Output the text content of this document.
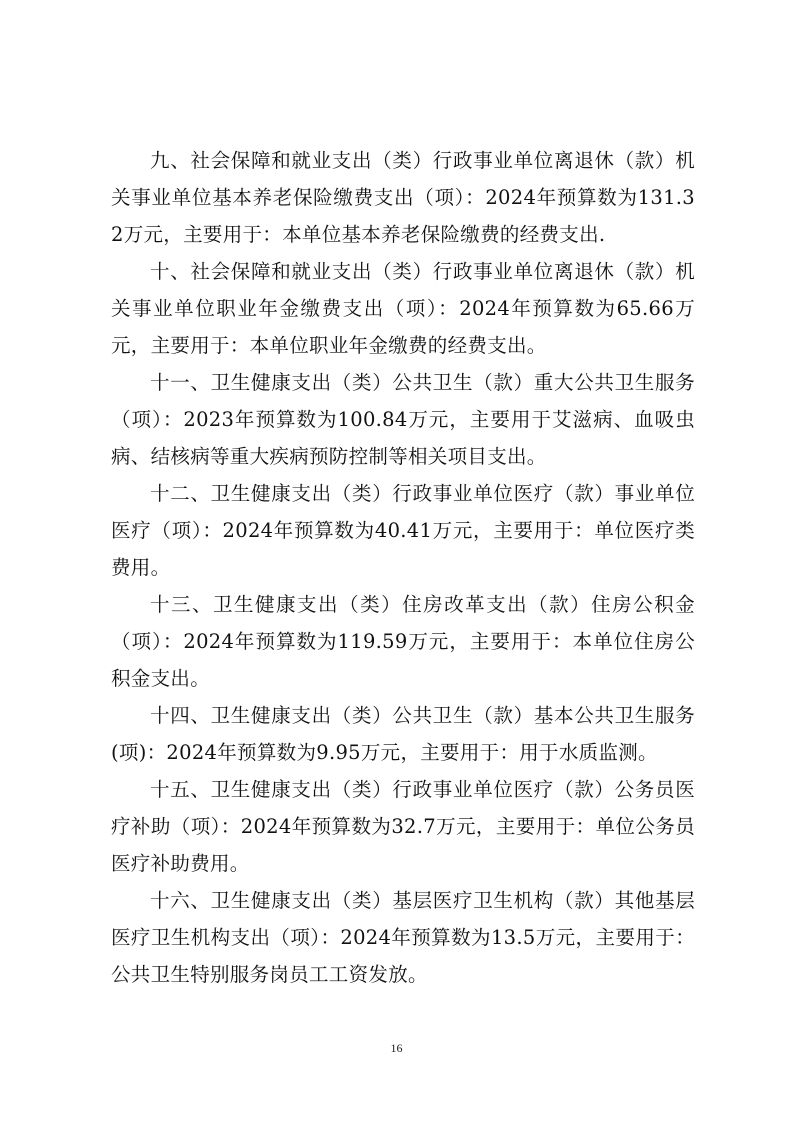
九、社会保障和就业支出（类）行政事业单位离退休（款）机关事业单位基本养老保险缴费支出（项）：2024年预算数为131.32万元，主要用于：本单位基本养老保险缴费的经费支出.

十、社会保障和就业支出（类）行政事业单位离退休（款）机关事业单位职业年金缴费支出（项）：2024年预算数为65.66万元，主要用于：本单位职业年金缴费的经费支出。

十一、卫生健康支出（类）公共卫生（款）重大公共卫生服务（项）：2023年预算数为100.84万元，主要用于艾滋病、血吸虫病、结核病等重大疾病预防控制等相关项目支出。

十二、卫生健康支出（类）行政事业单位医疗（款）事业单位医疗（项）：2024年预算数为40.41万元，主要用于：单位医疗类费用。

十三、卫生健康支出（类）住房改革支出（款）住房公积金（项）：2024年预算数为119.59万元，主要用于：本单位住房公积金支出。

十四、卫生健康支出（类）公共卫生（款）基本公共卫生服务(项)：2024年预算数为9.95万元，主要用于：用于水质监测。

十五、卫生健康支出（类）行政事业单位医疗（款）公务员医疗补助（项）：2024年预算数为32.7万元，主要用于：单位公务员医疗补助费用。

十六、卫生健康支出（类）基层医疗卫生机构（款）其他基层医疗卫生机构支出（项）：2024年预算数为13.5万元，主要用于：公共卫生特别服务岗员工工资发放。

16
